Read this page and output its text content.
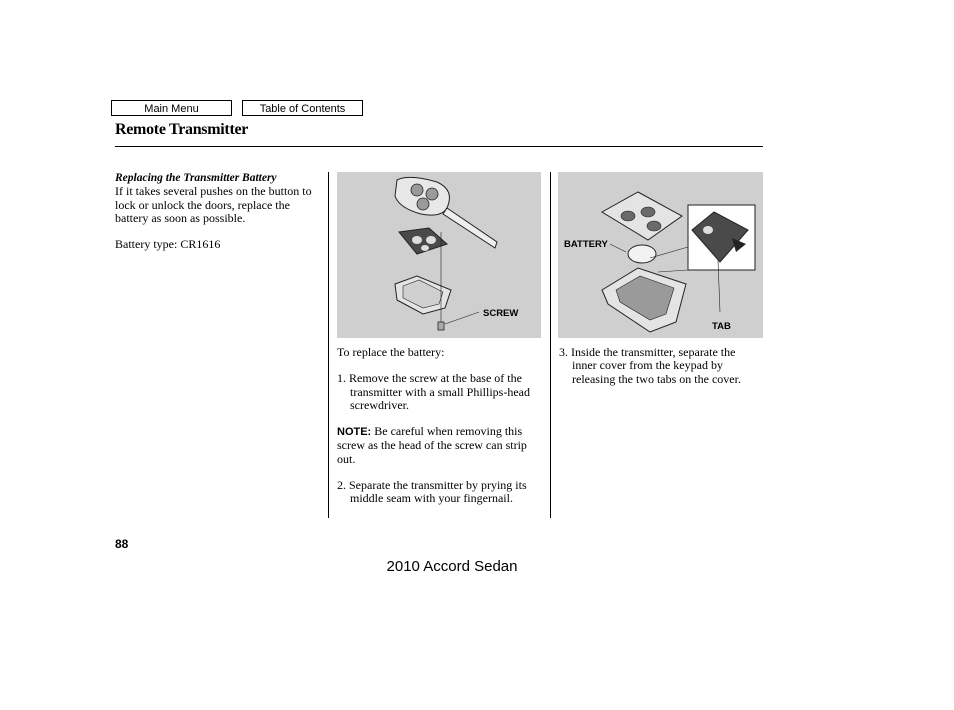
Main Menu	Table of Contents
Remote Transmitter

Replacing the Transmitter Battery

If it takes several pushes on the button to lock or unlock the doors, replace the battery as soon as possible.

Battery type: CR1616

SCREW

To replace the battery:

1. Remove the screw at the base of the transmitter with a small Phillips-head screwdriver.

NOTE: Be careful when removing this screw as the head of the screw can strip out.

2. Separate the transmitter by prying its middle seam with your fingernail.

BATTERY
TAB

3. Inside the transmitter, separate the inner cover from the keypad by releasing the two tabs on the cover.

88
2010 Accord Sedan
